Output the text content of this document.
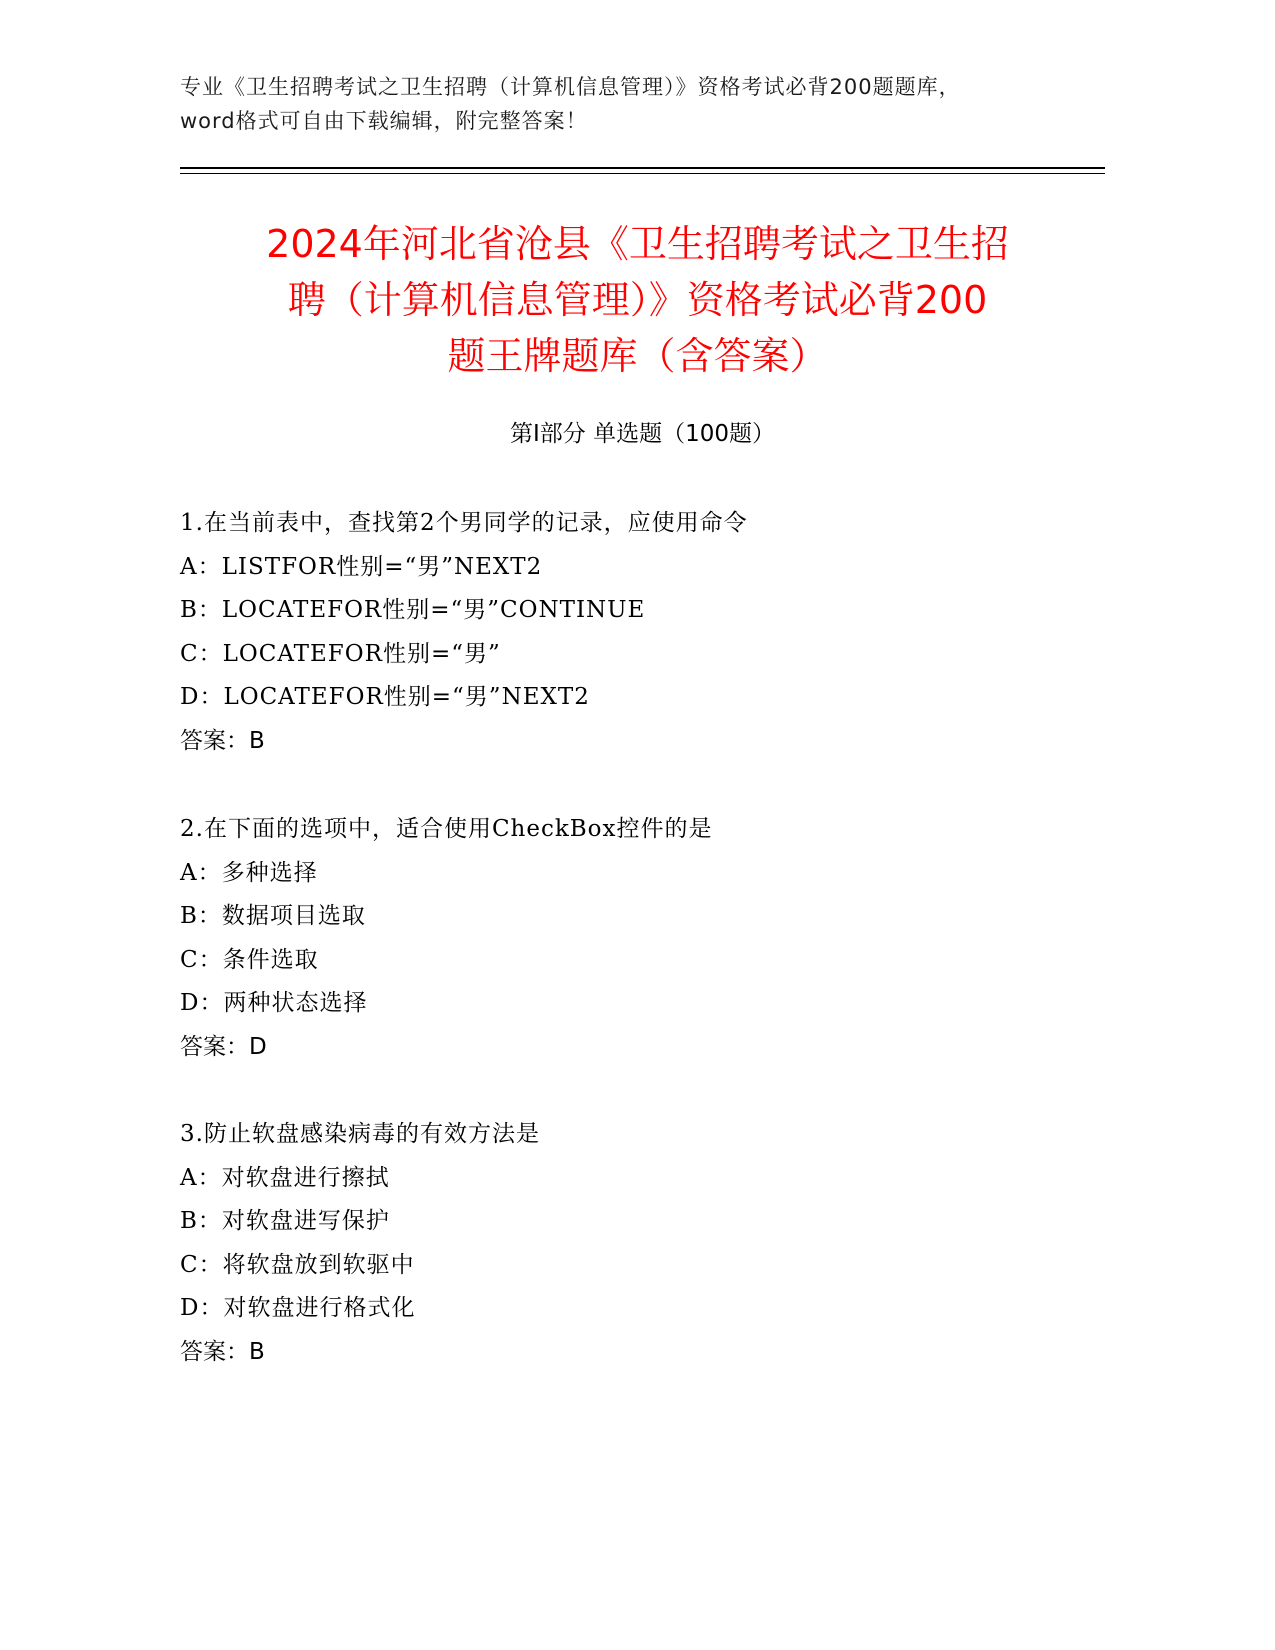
专业《卫生招聘考试之卫生招聘（计算机信息管理）》资格考试必背200题题库，
word格式可自由下载编辑，附完整答案！
2024年河北省沧县《卫生招聘考试之卫生招
聘（计算机信息管理）》资格考试必背200
题王牌题库（含答案）
第Ⅰ部分 单选题（100题）
1.在当前表中，查找第2个男同学的记录，应使用命令
A：LISTFOR性别=“男”NEXT2
B：LOCATEFOR性别=“男”CONTINUE
C：LOCATEFOR性别=“男”
D：LOCATEFOR性别=“男”NEXT2
答案：B
2.在下面的选项中，适合使用CheckBox控件的是
A：多种选择
B：数据项目选取
C：条件选取
D：两种状态选择
答案：D
3.防止软盘感染病毒的有效方法是
A：对软盘进行擦拭
B：对软盘进写保护
C：将软盘放到软驱中
D：对软盘进行格式化
答案：B
